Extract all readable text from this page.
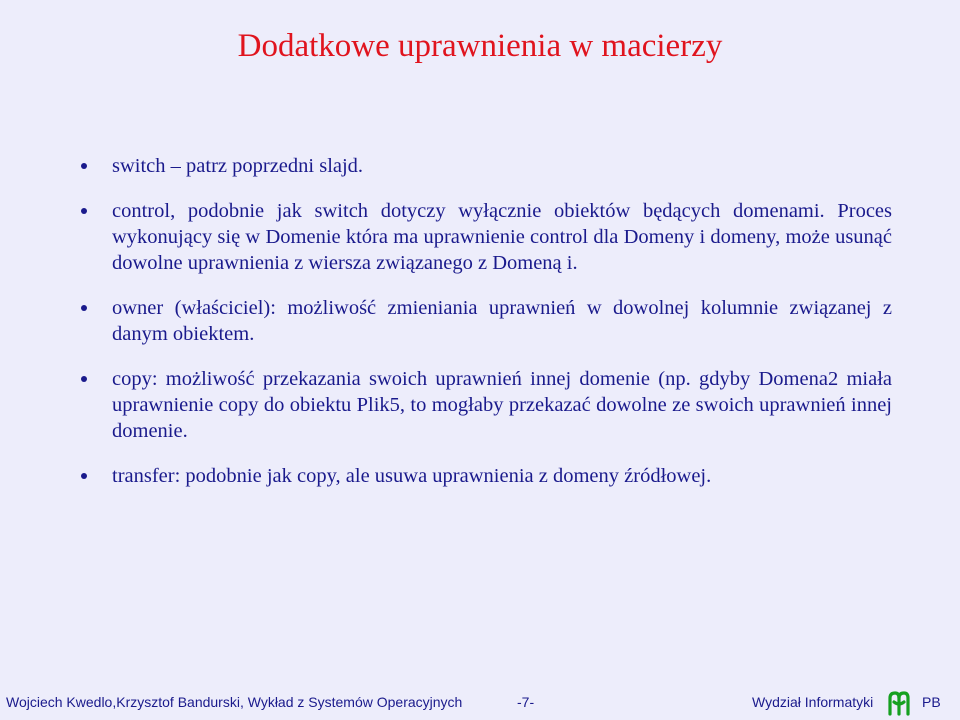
Dodatkowe uprawnienia w macierzy
switch – patrz poprzedni slajd.
control, podobnie jak switch dotyczy wyłącznie obiektów będących domenami. Proces wykonujący się w Domenie która ma uprawnienie control dla Domeny i domeny, może usunąć dowolne uprawnienia z wiersza związanego z Domeną i.
owner (właściciel): możliwość zmieniania uprawnień w dowolnej kolumnie związanej z danym obiektem.
copy: możliwość przekazania swoich uprawnień innej domenie (np. gdyby Domena2 miała uprawnienie copy do obiektu Plik5, to mogłaby przekazać dowolne ze swoich uprawnień innej domenie.
transfer: podobnie jak copy, ale usuwa uprawnienia z domeny źródłowej.
Wojciech Kwedlo,Krzysztof Bandurski, Wykład z Systemów Operacyjnych	-7-	Wydział Informatyki	PB
